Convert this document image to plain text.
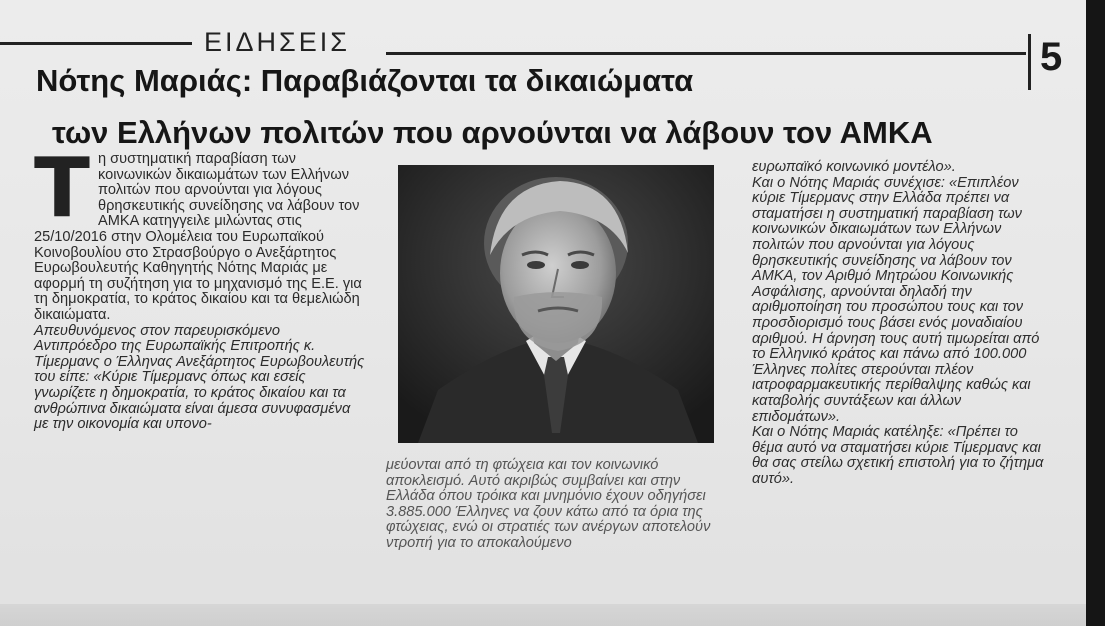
ΕΙΔΗΣΕΙΣ	5
Νότης Μαριάς: Παραβιάζονται τα δικαιώματα
των Ελλήνων πολιτών που αρνούνται να λάβουν τον ΑΜΚΑ
Τ η συστηματική παραβίαση των κοινωνικών δικαιωμάτων των Ελλήνων πολιτών που αρνούνται για λόγους θρησκευτικής συνείδησης να λάβουν τον ΑΜΚΑ κατηγγειλε μιλώντας στις 25/10/2016 στην Ολομέλεια του Ευρωπαϊκού Κοινοβουλίου στο Στρασβούργο ο Ανεξάρτητος Ευρωβουλευτής Καθηγητής Νότης Μαριάς με αφορμή τη συζήτηση για το μηχανισμό της Ε.Ε. για τη δημοκρατία, το κράτος δικαίου και τα θεμελιώδη δικαιώματα.

Απευθυνόμενος στον παρευρισκόμενο Αντιπρόεδρο της Ευρωπαϊκής Επιτροπής κ. Τίμερμανς ο Έλληνας Ανεξάρτητος Ευρωβουλευτής του είπε: «Κύριε Τίμερμανς όπως και εσείς γνωρίζετε η δημοκρατία, το κράτος δικαίου και τα ανθρώπινα δικαιώματα είναι άμεσα συνυφασμένα με την οικονομία και υπονο-

μεύονται από τη φτώχεια και τον κοινωνικό αποκλεισμό. Αυτό ακριβώς συμβαίνει και στην Ελλάδα όπου τρόικα και μνημόνιο έχουν οδηγήσει 3.885.000 Έλληνες να ζουν κάτω από τα όρια της φτώχειας, ενώ οι στρατιές των ανέργων αποτελούν ντροπή για το αποκαλούμενο

ευρωπαϊκό κοινωνικό μοντέλο».

Και ο Νότης Μαριάς συνέχισε: «Επιπλέον κύριε Τίμερμανς στην Ελλάδα πρέπει να σταματήσει η συστηματική παραβίαση των κοινωνικών δικαιωμάτων των Ελλήνων πολιτών που αρνούνται για λόγους θρησκευτικής συνείδησης να λάβουν τον ΑΜΚΑ, τον Αριθμό Μητρώου Κοινωνικής Ασφάλισης, αρνούνται δηλαδή την αριθμοποίηση του προσώπου τους και τον προσδιορισμό τους βάσει ενός μοναδιαίου αριθμού. Η άρνηση τους αυτή τιμωρείται από το Ελληνικό κράτος και πάνω από 100.000 Έλληνες πολίτες στερούνται πλέον ιατροφαρμακευτικής περίθαλψης καθώς και καταβολής συντάξεων και άλλων επιδομάτων».

Και ο Νότης Μαριάς κατέληξε: «Πρέπει το θέμα αυτό να σταματήσει κύριε Τίμερμανς και θα σας στείλω σχετική επιστολή για το ζήτημα αυτό».
